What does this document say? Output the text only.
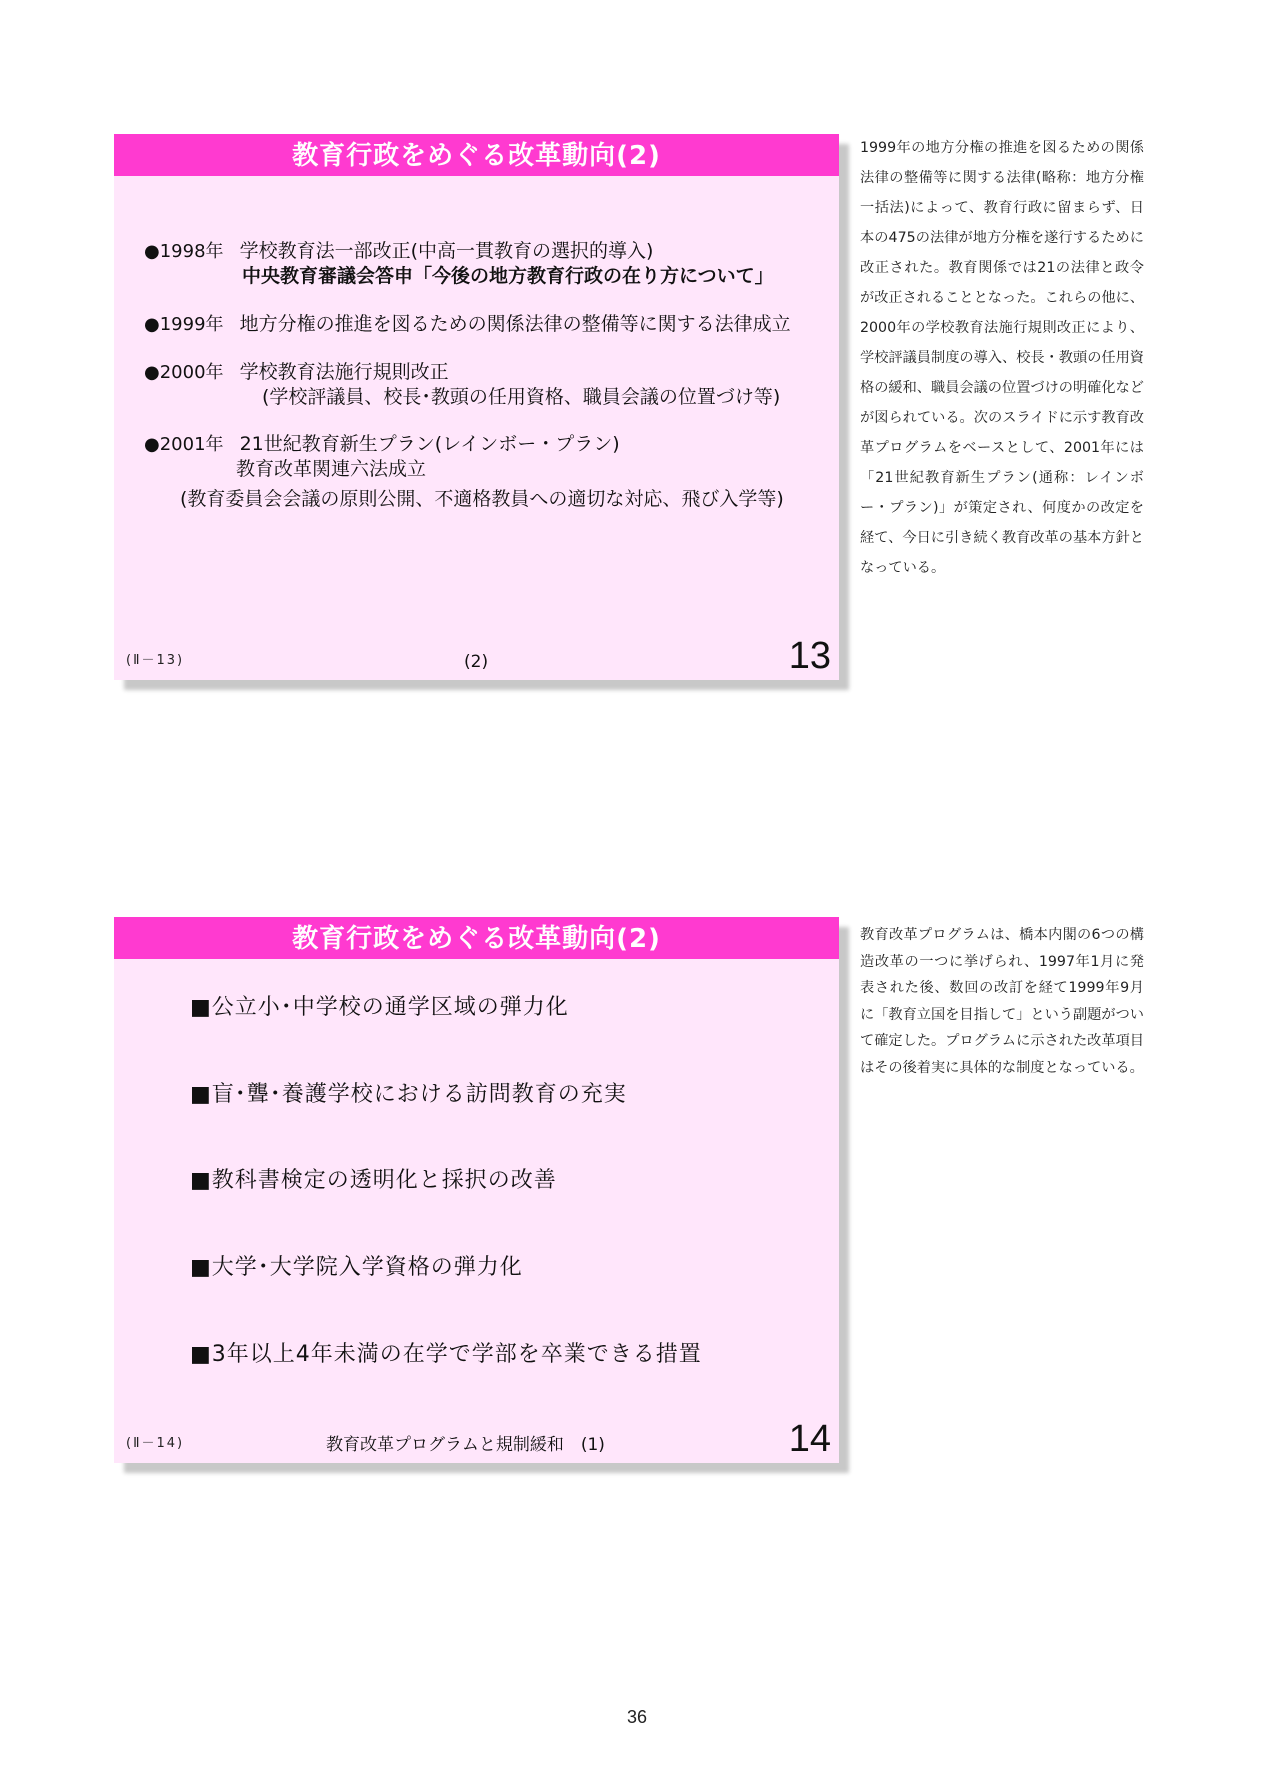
教育行政をめぐる改革動向(2)
●1998年 学校教育法一部改正(中高一貫教育の選択的導入)
中央教育審議会答申「今後の地方教育行政の在り方について」
●1999年 地方分権の推進を図るための関係法律の整備等に関する法律成立
●2000年 学校教育法施行規則改正
(学校評議員、校長･教頭の任用資格、職員会議の位置づけ等)
●2001年 21世紀教育新生プラン(レインボー・プラン)
教育改革関連六法成立
(教育委員会会議の原則公開、不適格教員への適切な対応、飛び入学等)
(Ⅱ－13)	(2)	13
1999年の地方分権の推進を図るための関係法律の整備等に関する法律(略称：地方分権一括法)によって、教育行政に留まらず、日本の475の法律が地方分権を遂行するために改正された。教育関係では21の法律と政令が改正されることとなった。これらの他に、2000年の学校教育法施行規則改正により、学校評議員制度の導入、校長・教頭の任用資格の緩和、職員会議の位置づけの明確化などが図られている。次のスライドに示す教育改革プログラムをベースとして、2001年には「21世紀教育新生プラン(通称：レインボー・プラン)」が策定され、何度かの改定を経て、今日に引き続く教育改革の基本方針となっている。
教育行政をめぐる改革動向(2)
■公立小･中学校の通学区域の弾力化
■盲･聾･養護学校における訪問教育の充実
■教科書検定の透明化と採択の改善
■大学･大学院入学資格の弾力化
■3年以上4年未満の在学で学部を卒業できる措置
(Ⅱ－14)	教育改革プログラムと規制緩和　(1)	14
教育改革プログラムは、橋本内閣の6つの構造改革の一つに挙げられ、1997年1月に発表された後、数回の改訂を経て1999年9月に「教育立国を目指して」という副題がついて確定した。プログラムに示された改革項目はその後着実に具体的な制度となっている。
36
